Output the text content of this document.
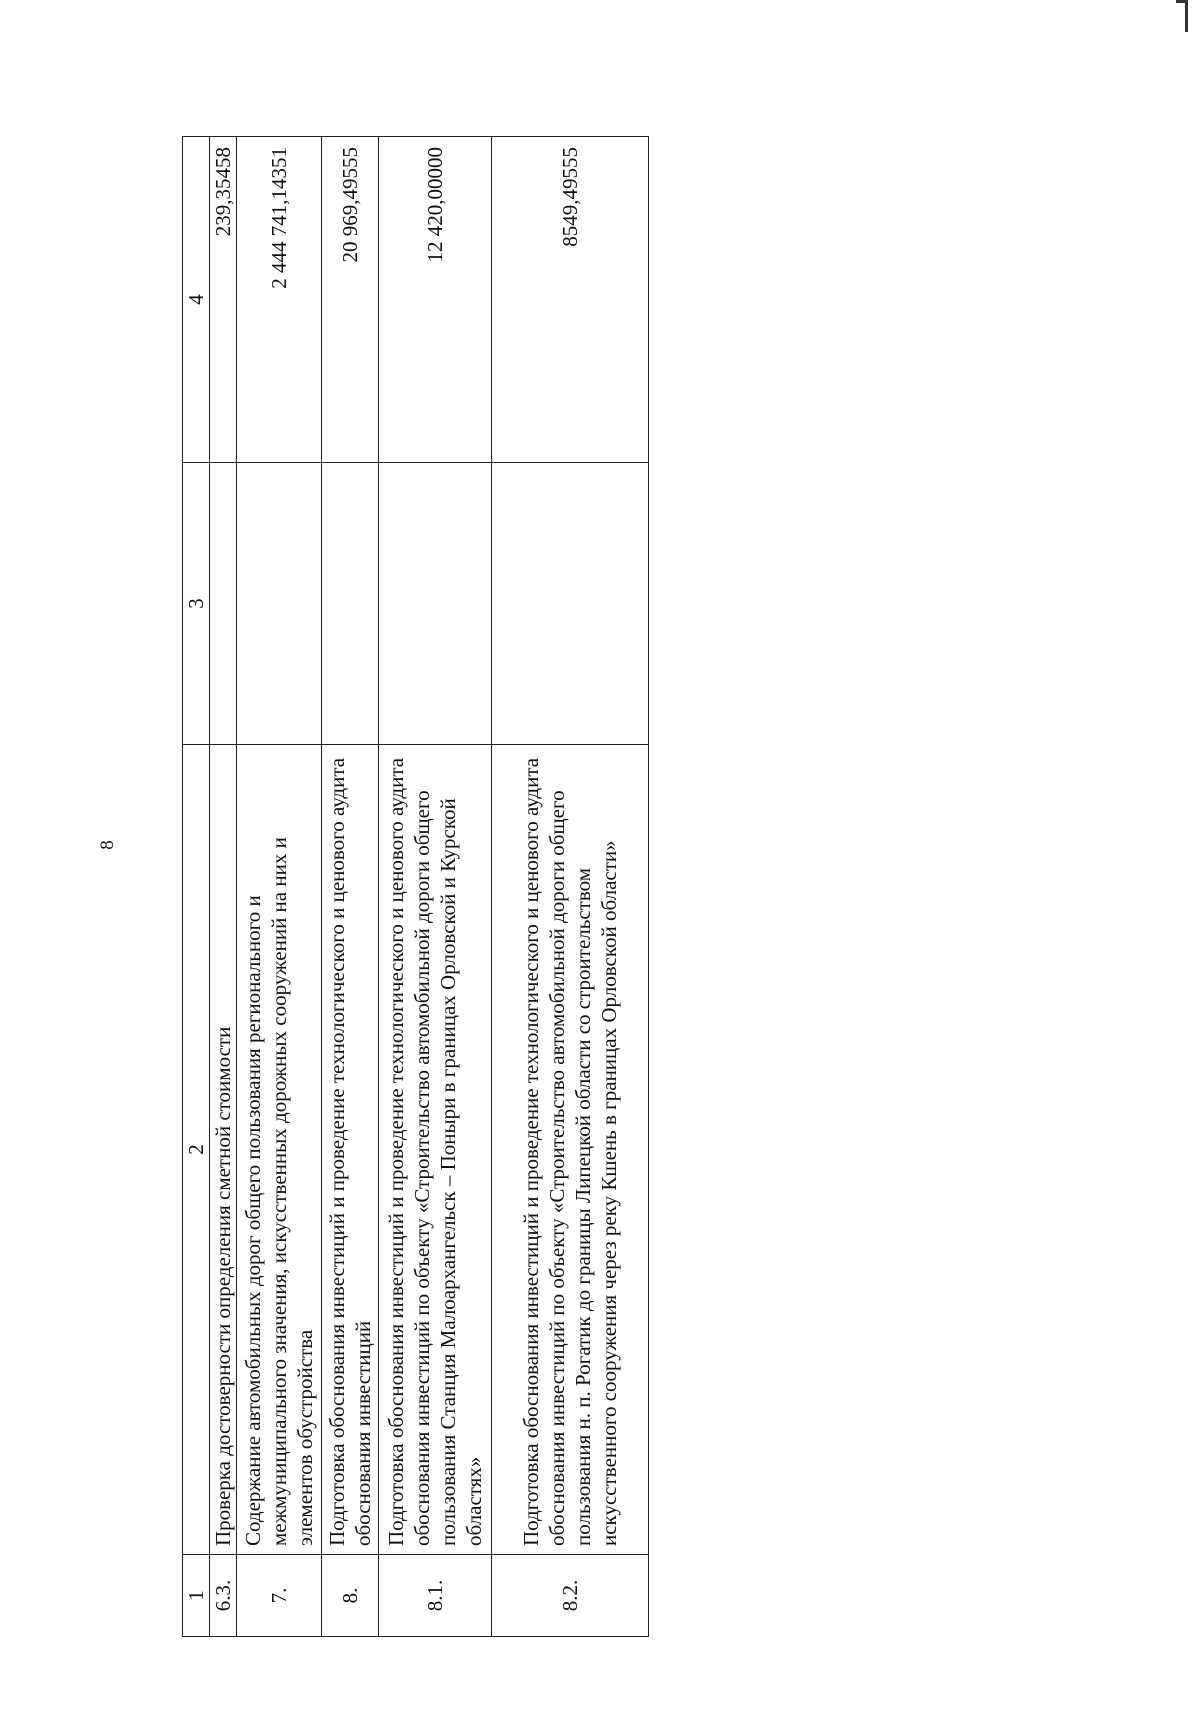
8
1	2	3	4
6.3.	Проверка достоверности определения сметной стоимости		239,35458
7.	Содержание автомобильных дорог общего пользования регионального и межмуниципального значения, искусственных дорожных сооружений на них и элементов обустройства		2 444 741,14351
8.	Подготовка обоснования инвестиций и проведение технологического и ценового аудита обоснования инвестиций		20 969,49555
8.1.	Подготовка обоснования инвестиций и проведение технологического и ценового аудита обоснования инвестиций по объекту «Строительство автомобильной дороги общего пользования Станция Малоархангельск – Поныри в границах Орловской и Курской областях»		12 420,00000
8.2.	Подготовка обоснования инвестиций и проведение технологического и ценового аудита обоснования инвестиций по объекту «Строительство автомобильной дороги общего пользования н. п. Рогатик до границы Липецкой области со строительством искусственного сооружения через реку Кшень в границах Орловской области»		8549,49555
